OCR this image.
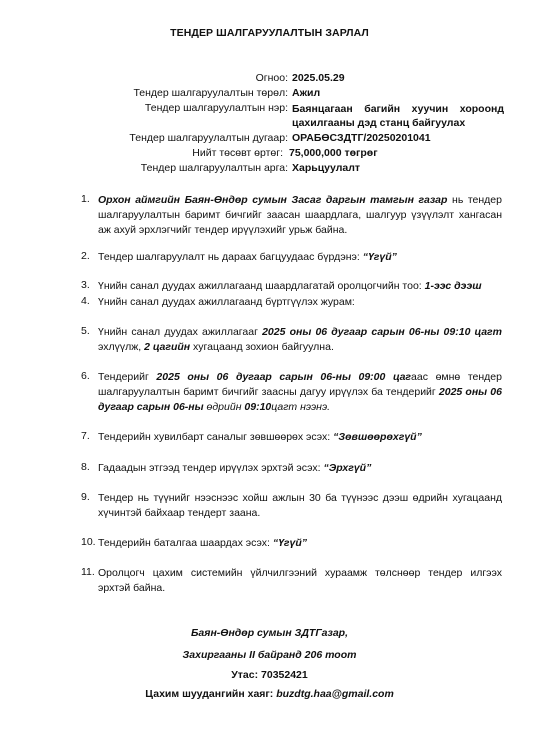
ТЕНДЕР ШАЛГАРУУЛАЛТЫН ЗАРЛАЛ
Огноо: 2025.05.29
Тендер шалгаруулалтын төрөл: Ажил
Тендер шалгаруулалтын нэр: Баянцагаан багийн хуучин хороонд
цахилгааны дэд станц байгуулах
Тендер шалгаруулалтын дугаар: ОРАБӨСЗДТГ/20250201041
Нийт төсөвт өртөг: 75,000,000 төгрөг
Тендер шалгаруулалтын арга: Харьцуулалт
1. Орхон аймгийн Баян-Өндөр сумын Засаг даргын тамгын газар нь тендер шалгаруулалтын баримт бичгийг заасан шаардлага, шалгуур үзүүлэлт хангасан аж ахуй эрхлэгчийг тендер ирүүлэхийг урьж байна.
2. Тендер шалгаруулалт нь дараах багцуудаас бүрдэнэ: “Үгүй”
3. Үнийн санал дуудах ажиллагаанд шаардлагатай оролцогчийн тоо: 1-ээс дээш
4. Үнийн санал дуудах ажиллагаанд бүртгүүлэх журам:
5. Үнийн санал дуудах ажиллагааг 2025 оны 06 дугаар сарын 06-ны 09:10 цагт эхлүүлж, 2 цагийн хугацаанд зохион байгуулна.
6. Тендерийг 2025 оны 06 дугаар сарын 06-ны 09:00 цагаас өмнө тендер шалгаруулалтын баримт бичгийг заасны дагуу ирүүлэх ба тендерийг 2025 оны 06 дугаар сарын 06-ны өдрийн 09:10цагт нээнэ.
7. Тендерийн хувилбарт саналыг зөвшөөрөх эсэх: “Зөвшөөрөхгүй”
8. Гадаадын этгээд тендер ирүүлэх эрхтэй эсэх: “Эрхгүй”
9. Тендер нь түүнийг нээснээс хойш ажлын 30 ба түүнээс дээш өдрийн хугацаанд хүчинтэй байхаар тендерт заана.
10. Тендерийн баталгаа шаардах эсэх: “Үгүй”
11. Оролцогч цахим системийн үйлчилгээний хураамж төлснөөр тендер илгээх эрхтэй байна.
Баян-Өндөр сумын ЗДТГазар,
Захиргааны II байранд 206 тоот
Утас: 70352421
Цахим шуудангийн хаяг: buzdtg.haa@gmail.com
